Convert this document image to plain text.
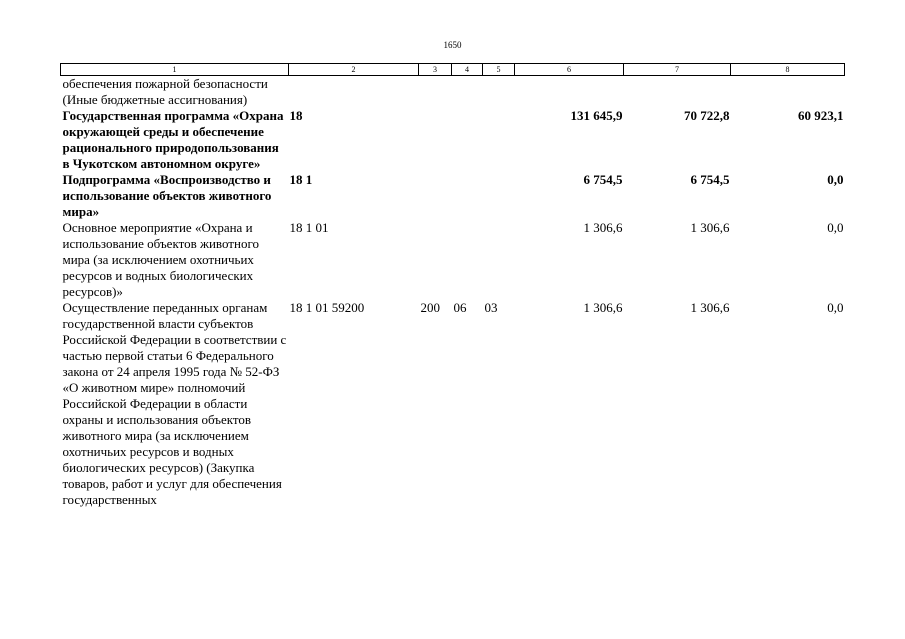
1650
1	2	3	4	5	6	7	8
обеспечения пожарной безопасности (Иные бюджетные ассигнования)							
Государственная программа «Охрана окружающей среды и обеспечение рационального природопользования в Чукотском автономном округе»	18				131 645,9	70 722,8	60 923,1
Подпрограмма «Воспроизводство и использование объектов животного мира»	18 1				6 754,5	6 754,5	0,0
Основное мероприятие «Охрана и использование объектов животного мира (за исключением охотничьих ресурсов и водных биологических ресурсов)»	18 1 01				1 306,6	1 306,6	0,0
Осуществление переданных органам государственной власти субъектов Российской Федерации в соответствии с частью первой статьи 6 Федерального закона от 24 апреля 1995 года № 52-ФЗ «О животном мире» полномочий Российской Федерации в области охраны и использования объектов животного мира (за исключением охотничьих ресурсов и водных биологических ресурсов) (Закупка товаров, работ и услуг для обеспечения государственных	18 1 01 59200	200	06	03	1 306,6	1 306,6	0,0
